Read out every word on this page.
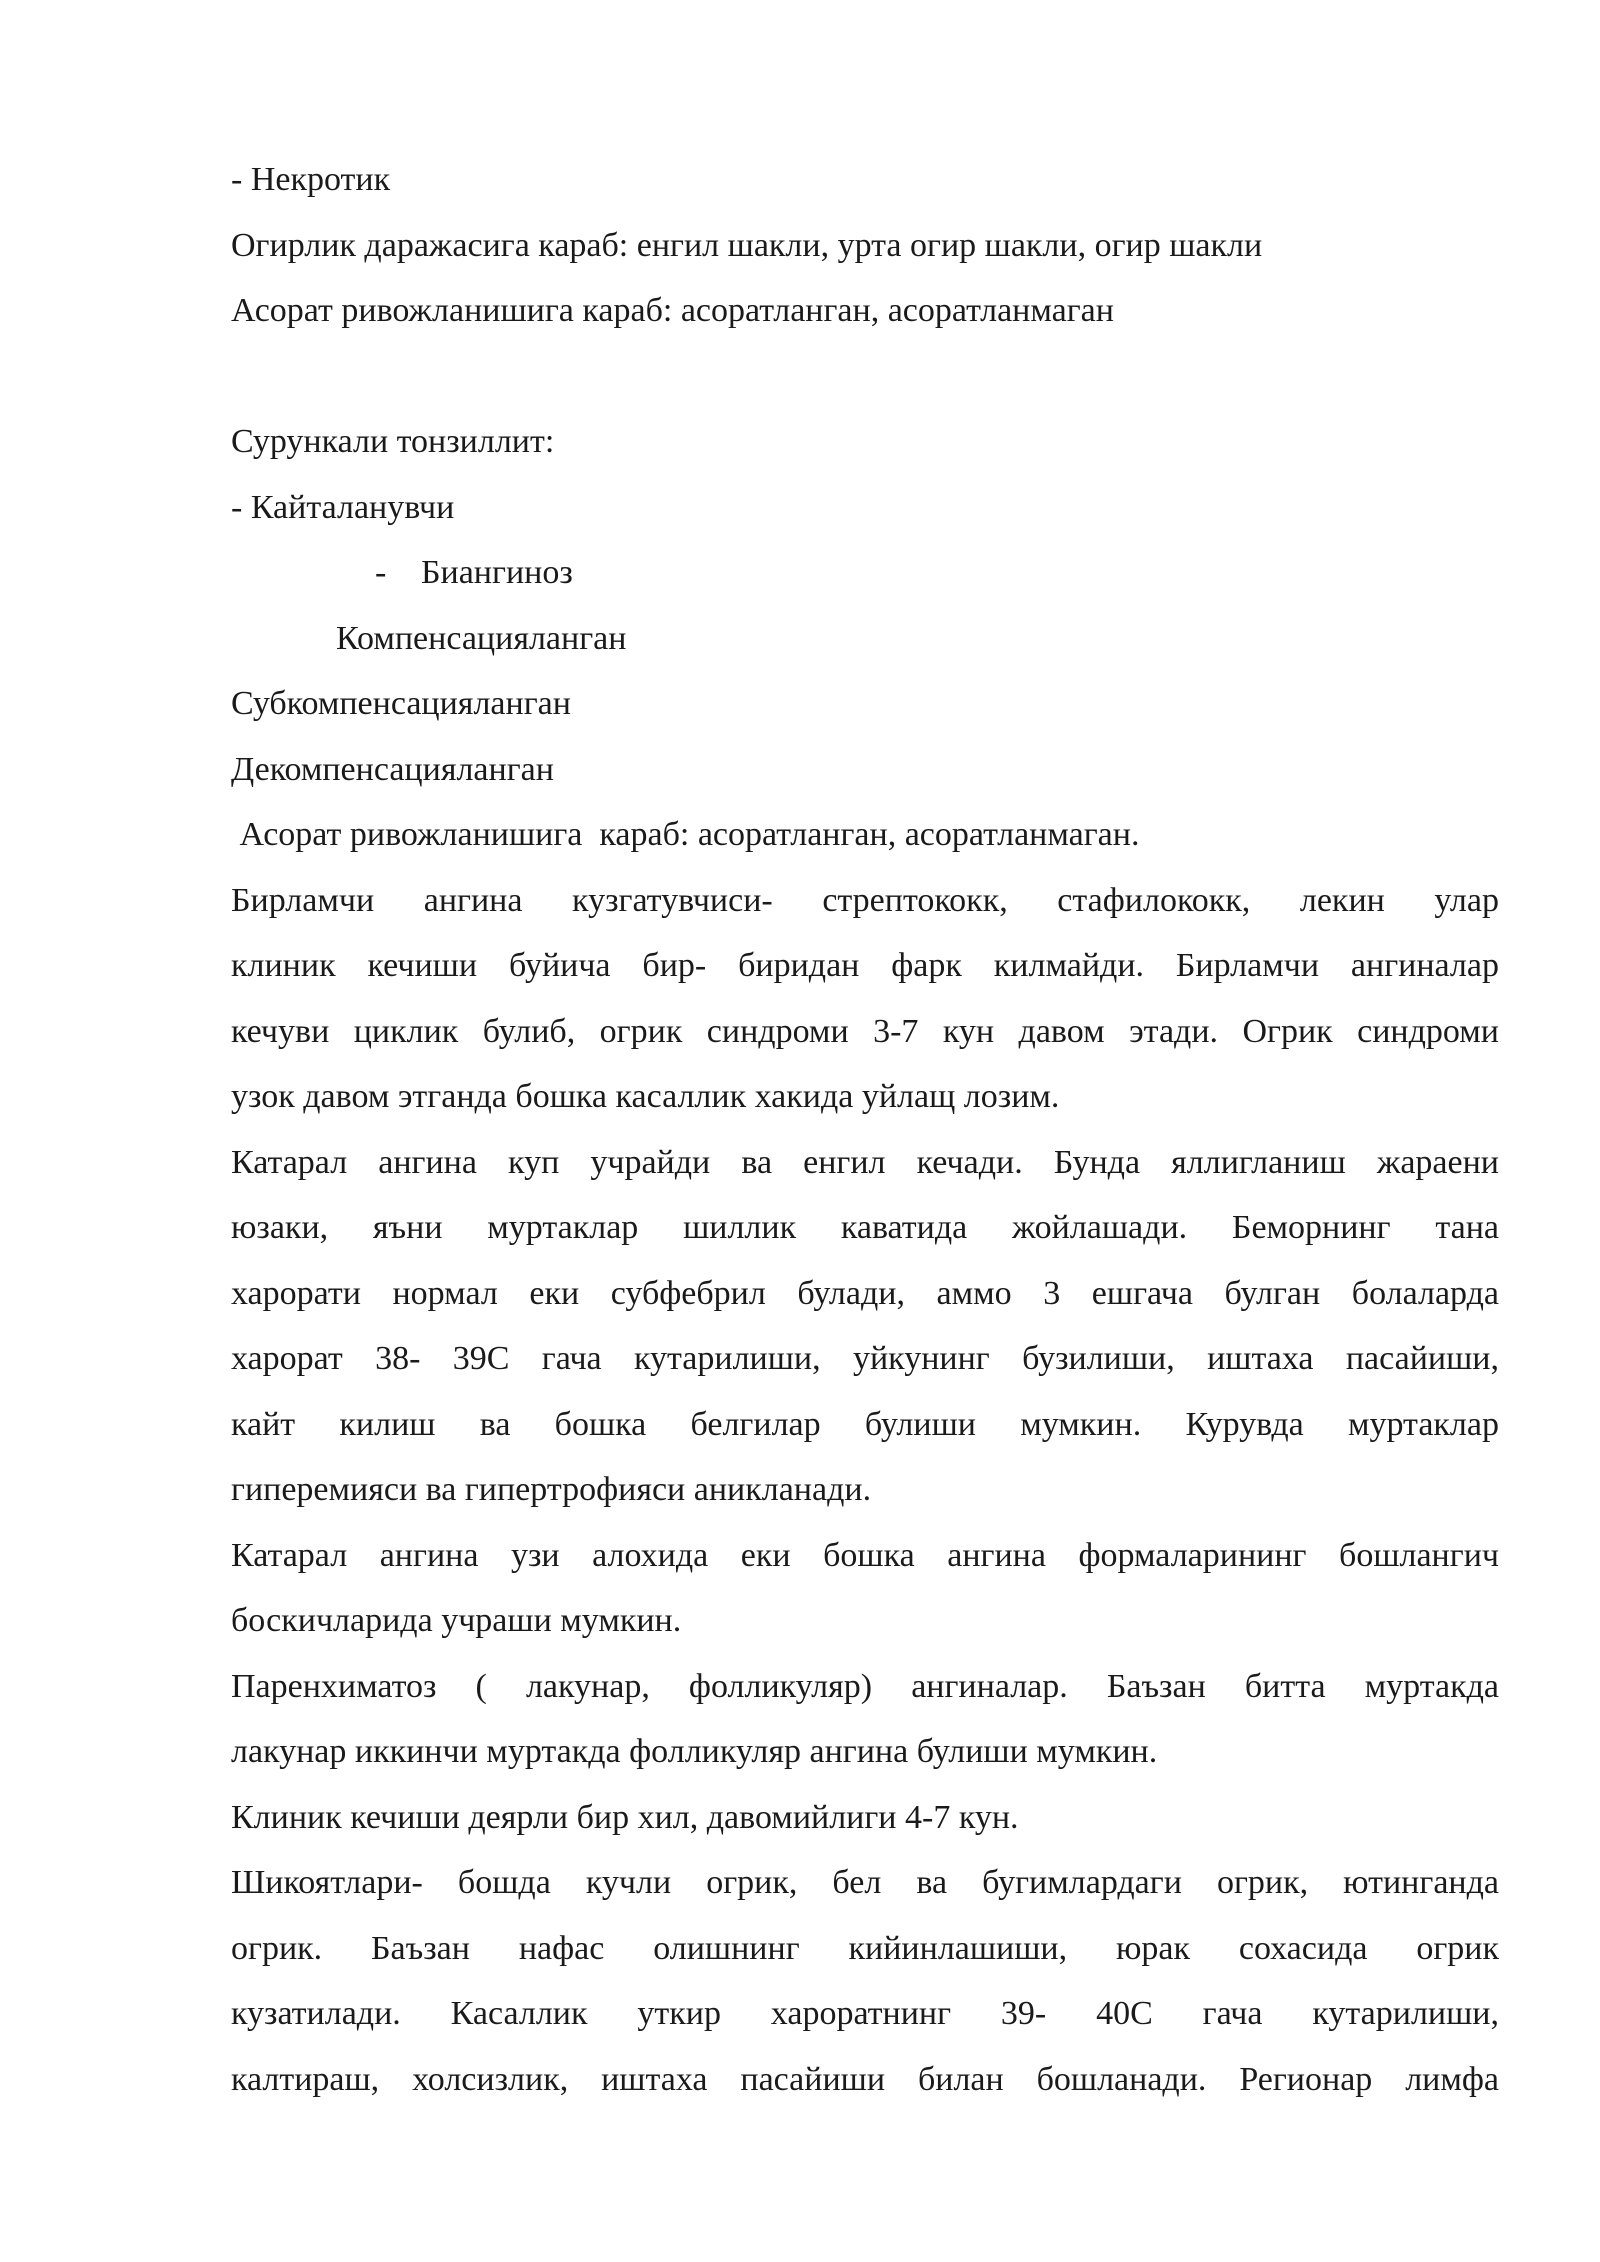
- Некротик

Огирлик даражасига караб: енгил шакли, урта огир шакли, огир шакли

Асорат ривожланишига караб: асоратланган, асоратланмаган

Сурункали тонзиллит:

- Кайталанувчи

- Биангиноз

Компенсацияланган

Субкомпенсацияланган

Декомпенсацияланган

Асорат ривожланишига  караб: асоратланган, асоратланмаган.

Бирламчи ангина кузгатувчиси- стрептококк, стафилококк, лекин улар

клиник кечиши буйича бир- биридан фарк килмайди. Бирламчи ангиналар

кечуви циклик булиб, огрик синдроми 3-7 кун давом этади. Огрик синдроми

узок давом этганда бошка касаллик хакида уйлащ лозим.

Катарал ангина куп учрайди ва енгил кечади. Бунда яллигланиш жараени

юзаки, яъни муртаклар шиллик каватида жойлашади. Беморнинг тана

харорати нормал еки субфебрил булади, аммо 3 ешгача булган болаларда

харорат 38- 39С гача кутарилиши, уйкунинг бузилиши, иштаха пасайиши,

кайт килиш ва бошка белгилар булиши мумкин. Курувда муртаклар

гиперемияси ва гипертрофияси аникланади.

Катарал ангина узи алохида еки бошка ангина формаларининг бошлангич

боскичларида учраши мумкин.

Паренхиматоз ( лакунар, фолликуляр) ангиналар. Баъзан битта муртакда

лакунар иккинчи муртакда фолликуляр ангина булиши мумкин.

Клиник кечиши деярли бир хил, давомийлиги 4-7 кун.

Шикоятлари- бошда кучли огрик, бел ва бугимлардаги огрик, ютинганда

огрик. Баъзан нафас олишнинг кийинлашиши, юрак сохасида огрик

кузатилади. Касаллик уткир хароратнинг 39- 40С гача кутарилиши,

калтираш, холсизлик, иштаха пасайиши билан бошланади. Регионар лимфа
